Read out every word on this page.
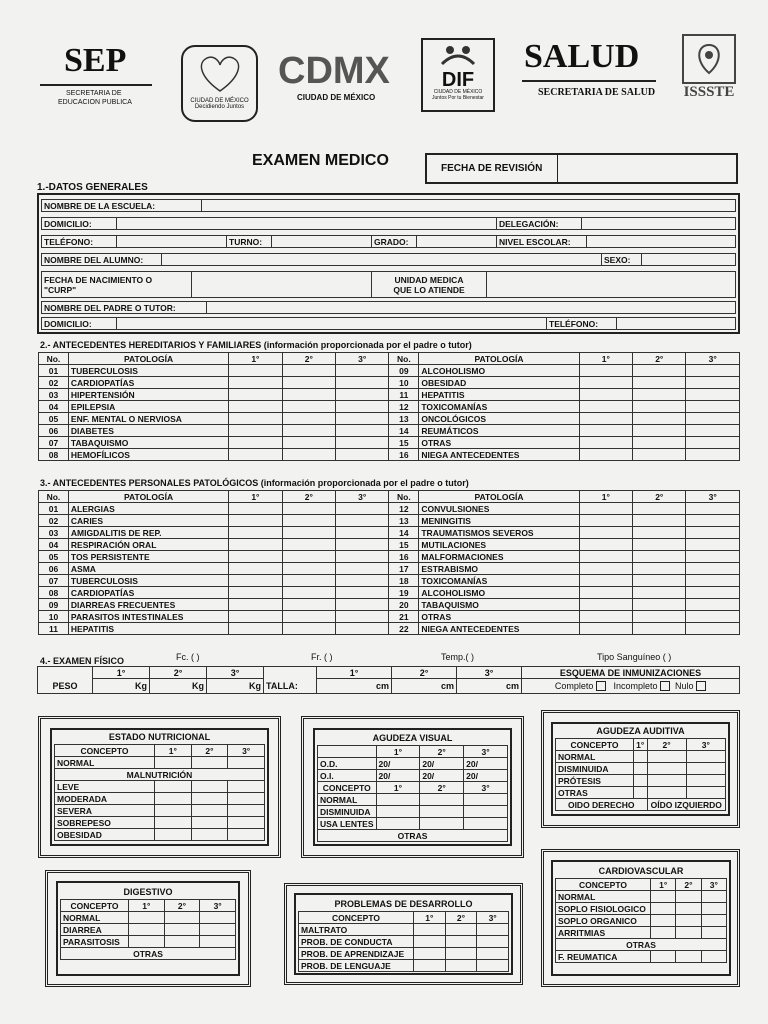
SEP
SECRETARIA DE
EDUCACION PUBLICA	CIUDAD DE MÉXICO
Decidiendo Juntos
CDMX
CIUDAD DE MÉXICO
DIF
CIUDAD DE MÉXICO
Juntos Por tu Bienestar
SALUD
SECRETARIA DE SALUD	ISSSTE
EXAMEN MEDICO	FECHA DE REVISIÓN
1.-DATOS GENERALES
NOMBRE DE LA ESCUELA:	
DOMICILIO:		DELEGACIÓN:	
TELÉFONO:		TURNO:		GRADO:		NIVEL ESCOLAR:	
NOMBRE DEL ALUMNO:		SEXO:	
FECHA DE NACIMIENTO O
"CURP"

UNIDAD MEDICA
QUE LO ATIENDE

NOMBRE DEL PADRE O TUTOR:	
DOMICILIO:		TELÉFONO:	
2.- ANTECEDENTES HEREDITARIOS Y FAMILIARES (información proporcionada por el padre o tutor)
No.	PATOLOGÍA	1°	2°	3°	No.	PATOLOGÍA	1°	2°	3°
01	TUBERCULOSIS				09	ALCOHOLISMO			
02	CARDIOPATÍAS				10	OBESIDAD			
03	HIPERTENSIÓN				11	HEPATITIS			
04	EPILEPSIA				12	TOXICOMANÍAS			
05	ENF. MENTAL O NERVIOSA				13	ONCOLÓGICOS			
06	DIABETES				14	REUMÁTICOS			
07	TABAQUISMO				15	OTRAS			
08	HEMOFÍLICOS				16	NIEGA ANTECEDENTES			
3.- ANTECEDENTES PERSONALES PATOLÓGICOS (información proporcionada por el padre o tutor)
No.	PATOLOGÍA	1°	2°	3°	No.	PATOLOGÍA	1°	2°	3°
01	ALERGIAS				12	CONVULSIONES			
02	CARIES				13	MENINGITIS			
03	AMIGDALITIS DE REP.				14	TRAUMATISMOS SEVEROS			
04	RESPIRACIÓN ORAL				15	MUTILACIONES			
05	TOS PERSISTENTE				16	MALFORMACIONES			
06	ASMA				17	ESTRABISMO			
07	TUBERCULOSIS				18	TOXICOMANÍAS			
08	CARDIOPATÍAS				19	ALCOHOLISMO			
09	DIARREAS FRECUENTES				20	TABAQUISMO			
10	PARASITOS INTESTINALES				21	OTRAS			
11	HEPATITIS				22	NIEGA ANTECEDENTES			
4.- EXAMEN FÍSICO	Fc. ( )	Fr. ( )	Temp.( )	Tipo Sanguíneo ( )
	1°	2°	3°		1°	2°	3°	ESQUEMA DE INMUNIZACIONES
PESO	Kg	Kg	Kg	TALLA:	cm	cm	cm	Completo Incompleto Nulo
CONCEPTO	1°	2°	3°
NORMAL			
MALNUTRICIÓN			
LEVE			
MODERADA			
SEVERA			
SOBREPESO			
OBESIDAD			
ESTADO NUTRICIONAL	AGUDEZA VISUAL
	1°	2°	3°
O.D.	20/	20/	20/
O.I.	20/	20/	20/
CONCEPTO	1°	2°	3°
NORMAL			
DISMINUIDA			
USA LENTES			
OTRAS			
AGUDEZA AUDITIVA
CONCEPTO	1°	2°	3°
NORMAL			
DISMINUIDA			
PRÓTESIS			
OTRAS			
OIDO DERECHO		OÍDO IZQUIERDO	
DIGESTIVO
CONCEPTO	1°	2°	3°
NORMAL			
DIARREA			
PARASITOSIS			
OTRAS			
PROBLEMAS DE DESARROLLO
CONCEPTO	1°	2°	3°
MALTRATO			
PROB. DE CONDUCTA			
PROB. DE APRENDIZAJE			
PROB. DE LENGUAJE			
CARDIOVASCULAR
CONCEPTO	1°	2°	3°
NORMAL			
SOPLO FISIOLOGICO			
SOPLO ORGANICO			
ARRITMIAS			
OTRAS			
F. REUMATICA			
